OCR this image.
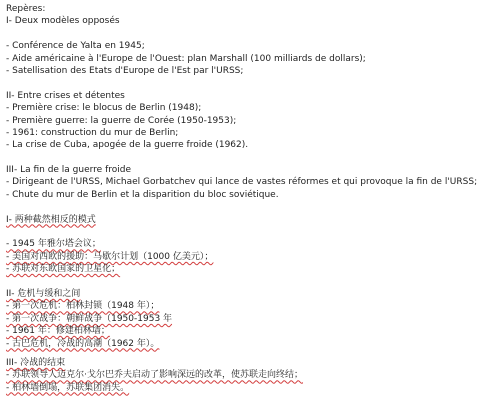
Repères:
I- Deux modèles opposés
- Conférence de Yalta en 1945;
- Aide américaine à l'Europe de l'Ouest: plan Marshall (100 milliards de dollars);
- Satellisation des Etats d'Europe de l'Est par l'URSS;
II- Entre crises et détentes
- Première crise: le blocus de Berlin (1948);
- Première guerre: la guerre de Corée (1950-1953);
- 1961: construction du mur de Berlin;
- La crise de Cuba, apogée de la guerre froide (1962).
III- La fin de la guerre froide
- Dirigeant de l'URSS, Michael Gorbatchev qui lance de vastes réformes et qui provoque la fin de l'URSS;
- Chute du mur de Berlin et la disparition du bloc soviétique.
I- 两种截然相反的模式
- 1945 年雅尔塔会议；
- 美国对西欧的援助：马歇尔计划（1000 亿美元）；
- 苏联对东欧国家的卫星化；
II- 危机与缓和之间
- 第一次危机：柏林封锁（1948 年）；
- 第一次战争：朝鲜战争（1950-1953 年
- 1961 年：修建柏林墙；
- 古巴危机，冷战的高潮（1962 年）。
III- 冷战的结束
- 苏联领导人迈克尔·戈尔巴乔夫启动了影响深远的改革，使苏联走向终结；
- 柏林墙倒塌，苏联集团消失。
